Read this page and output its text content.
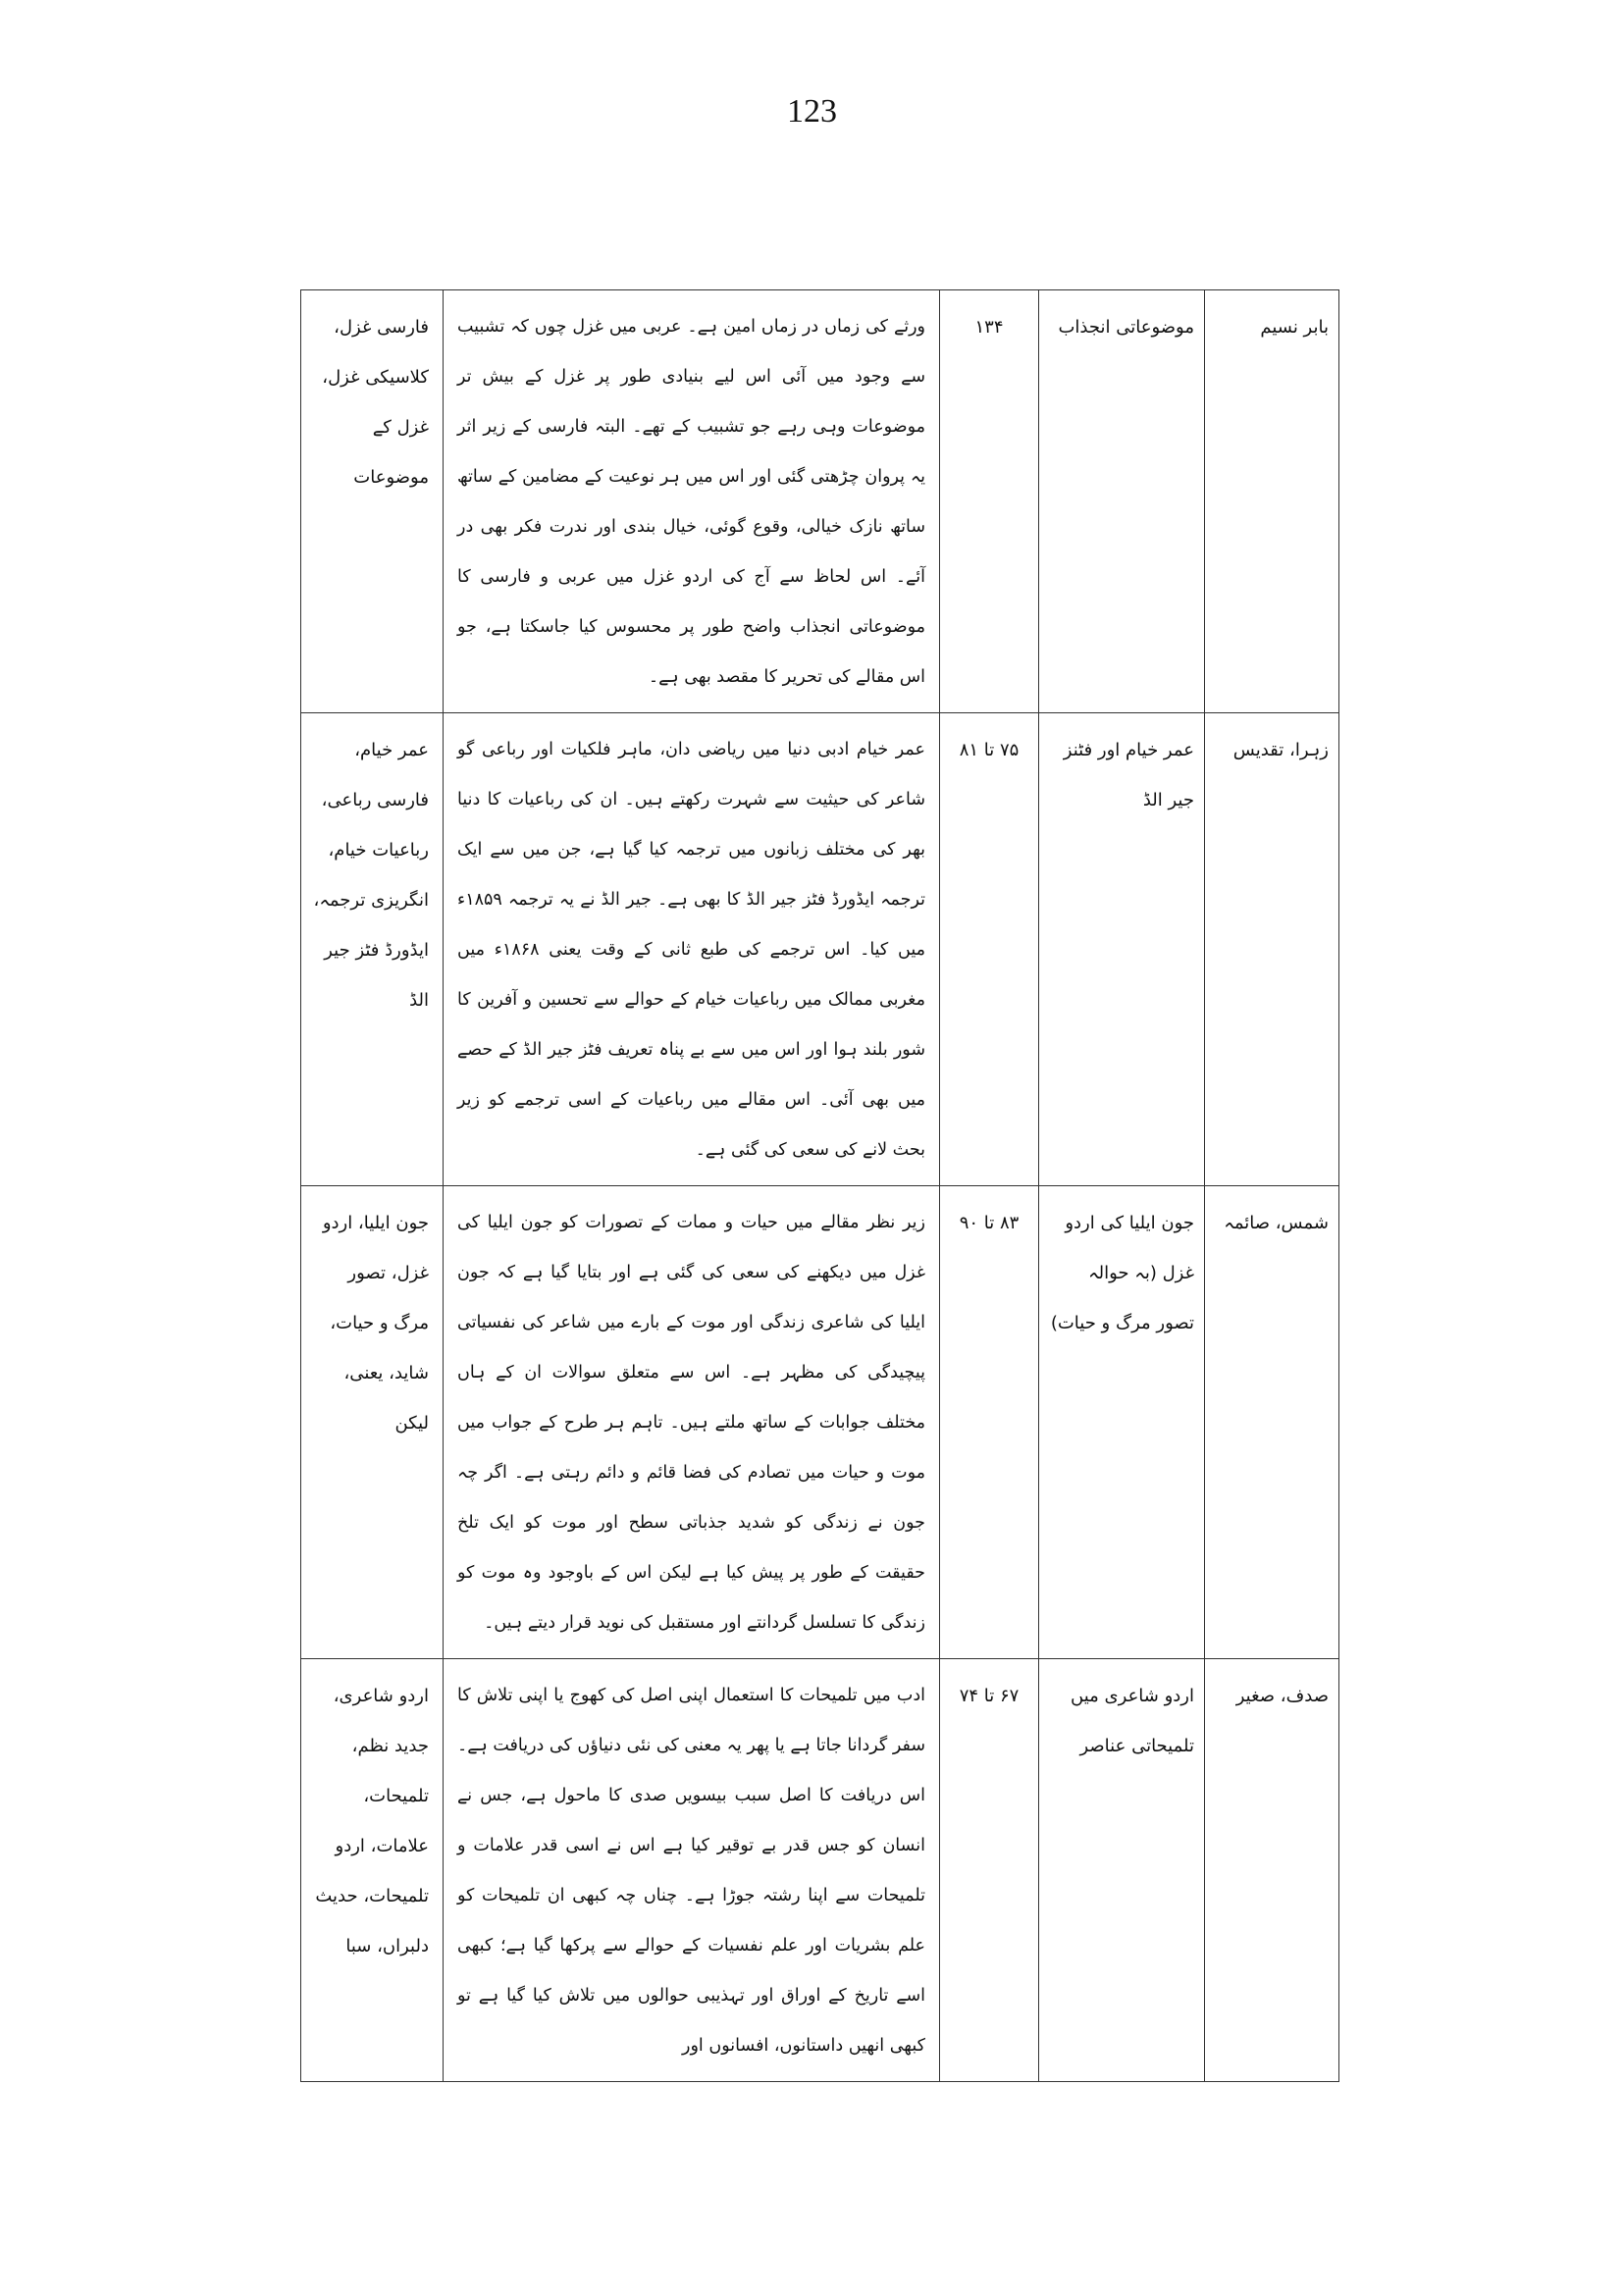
123
بابر نسیم	موضوعاتی انجذاب	۱۳۴	ورثے کی زماں در زماں امین ہے۔ عربی میں غزل چوں کہ تشبیب سے وجود میں آئی اس لیے بنیادی طور پر غزل کے بیش تر موضوعات وہی رہے جو تشبیب کے تھے۔ البتہ فارسی کے زیر اثر یہ پروان چڑھتی گئی اور اس میں ہر نوعیت کے مضامین کے ساتھ ساتھ نازک خیالی، وقوع گوئی، خیال بندی اور ندرت فکر بھی در آئے۔ اس لحاظ سے آج کی اردو غزل میں عربی و فارسی کا موضوعاتی انجذاب واضح طور پر محسوس کیا جاسکتا ہے، جو اس مقالے کی تحریر کا مقصد بھی ہے۔	فارسی غزل، کلاسیکی غزل، غزل کے موضوعات
زہرا، تقدیس	عمر خیام اور فٹنز جیر الڈ	۷۵ تا ۸۱	عمر خیام ادبی دنیا میں ریاضی دان، ماہر فلکیات اور رباعی گو شاعر کی حیثیت سے شہرت رکھتے ہیں۔ ان کی رباعیات کا دنیا بھر کی مختلف زبانوں میں ترجمہ کیا گیا ہے، جن میں سے ایک ترجمہ ایڈورڈ فٹز جیر الڈ کا بھی ہے۔ جیر الڈ نے یہ ترجمہ ۱۸۵۹ء میں کیا۔ اس ترجمے کی طبع ثانی کے وقت یعنی ۱۸۶۸ء میں مغربی ممالک میں رباعیات خیام کے حوالے سے تحسین و آفرین کا شور بلند ہوا اور اس میں سے بے پناہ تعریف فٹز جیر الڈ کے حصے میں بھی آئی۔ اس مقالے میں رباعیات کے اسی ترجمے کو زیر بحث لانے کی سعی کی گئی ہے۔	عمر خیام، فارسی رباعی، رباعیات خیام، انگریزی ترجمہ، ایڈورڈ فٹز جیر الڈ
شمس، صائمہ	جون ایلیا کی اردو غزل (بہ حوالہ تصور مرگ و حیات)	۸۳ تا ۹۰	زیر نظر مقالے میں حیات و ممات کے تصورات کو جون ایلیا کی غزل میں دیکھنے کی سعی کی گئی ہے اور بتایا گیا ہے کہ جون ایلیا کی شاعری زندگی اور موت کے بارے میں شاعر کی نفسیاتی پیچیدگی کی مظہر ہے۔ اس سے متعلق سوالات ان کے ہاں مختلف جوابات کے ساتھ ملتے ہیں۔ تاہم ہر طرح کے جواب میں موت و حیات میں تصادم کی فضا قائم و دائم رہتی ہے۔ اگر چہ جون نے زندگی کو شدید جذباتی سطح اور موت کو ایک تلخ حقیقت کے طور پر پیش کیا ہے لیکن اس کے باوجود وہ موت کو زندگی کا تسلسل گردانتے اور مستقبل کی نوید قرار دیتے ہیں۔	جون ایلیا، اردو غزل، تصور مرگ و حیات، شاید، یعنی، لیکن
صدف، صغیر	اردو شاعری میں تلمیحاتی عناصر	۶۷ تا ۷۴	ادب میں تلمیحات کا استعمال اپنی اصل کی کھوج یا اپنی تلاش کا سفر گردانا جاتا ہے یا پھر یہ معنی کی نئی دنیاؤں کی دریافت ہے۔ اس دریافت کا اصل سبب بیسویں صدی کا ماحول ہے، جس نے انسان کو جس قدر بے توقیر کیا ہے اس نے اسی قدر علامات و تلمیحات سے اپنا رشتہ جوڑا ہے۔ چناں چہ کبھی ان تلمیحات کو علم بشریات اور علم نفسیات کے حوالے سے پرکھا گیا ہے؛ کبھی اسے تاریخ کے اوراق اور تہذیبی حوالوں میں تلاش کیا گیا ہے تو کبھی انھیں داستانوں، افسانوں اور	اردو شاعری، جدید نظم، تلمیحات، علامات، اردو تلمیحات، حدیث دلبراں، سبا
